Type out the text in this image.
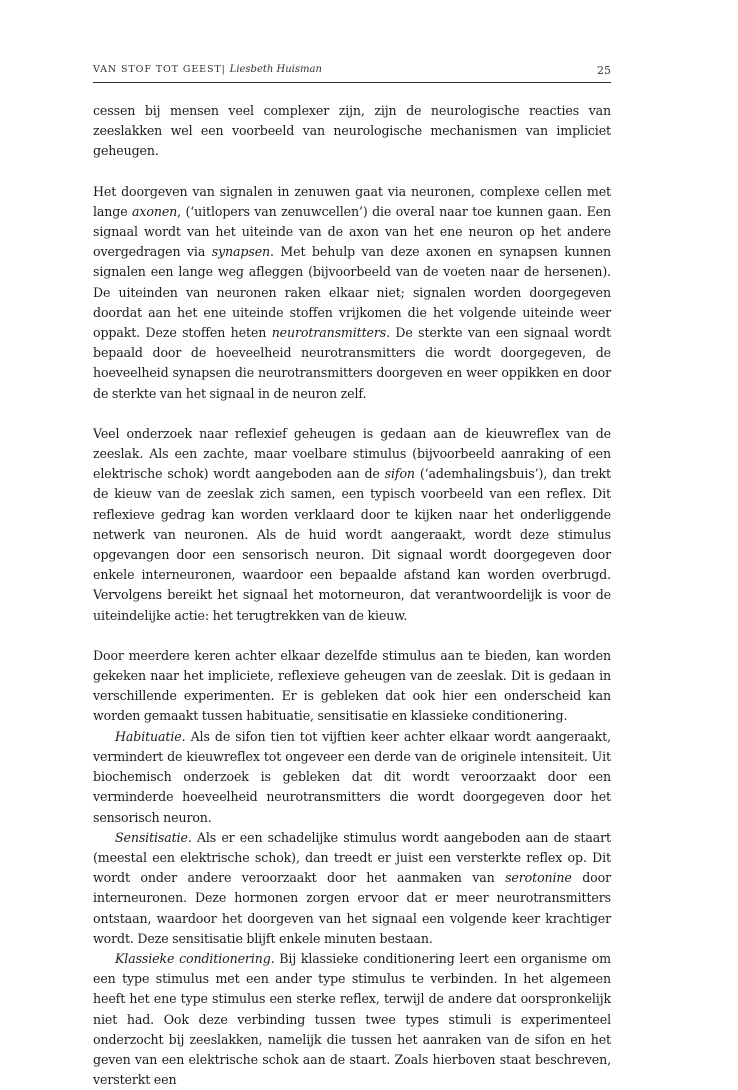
VAN STOF TOT GEEST| Liesbeth Huisman	25

cessen bij mensen veel complexer zijn, zijn de neurologische reacties van zeeslakken wel een voorbeeld van neurologische mechanismen van impliciet geheugen.

Het doorgeven van signalen in zenuwen gaat via neuronen, complexe cellen met lange axonen, (‘uitlopers van zenuwcellen’) die overal naar toe kunnen gaan. Een signaal wordt van het uiteinde van de axon van het ene neuron op het andere overgedragen via synapsen. Met behulp van deze axonen en synapsen kunnen signalen een lange weg afleggen (bijvoorbeeld van de voeten naar de hersenen). De uiteinden van neuronen raken elkaar niet; signalen worden doorgegeven doordat aan het ene uiteinde stoffen vrijkomen die het volgende uiteinde weer oppakt. Deze stoffen heten neurotransmitters. De sterkte van een signaal wordt bepaald door de hoeveelheid neurotransmitters die wordt doorgegeven, de hoeveelheid synapsen die neurotransmitters doorgeven en weer oppikken en door de sterkte van het signaal in de neuron zelf.

Veel onderzoek naar reflexief geheugen is gedaan aan de kieuwreflex van de zeeslak. Als een zachte, maar voelbare stimulus (bijvoorbeeld aanraking of een elektrische schok) wordt aangeboden aan de sifon (‘ademhalingsbuis’), dan trekt de kieuw van de zeeslak zich samen, een typisch voorbeeld van een reflex. Dit reflexieve gedrag kan worden verklaard door te kijken naar het onderliggende netwerk van neuronen. Als de huid wordt aangeraakt, wordt deze stimulus opgevangen door een sensorisch neuron. Dit signaal wordt doorgegeven door enkele interneuronen, waardoor een bepaalde afstand kan worden overbrugd. Vervolgens bereikt het signaal het motorneuron, dat verantwoordelijk is voor de uiteindelijke actie: het terugtrekken van de kieuw.

Door meerdere keren achter elkaar dezelfde stimulus aan te bieden, kan worden gekeken naar het impliciete, reflexieve geheugen van de zeeslak. Dit is gedaan in verschillende experimenten. Er is gebleken dat ook hier een onderscheid kan worden gemaakt tussen habituatie, sensitisatie en klassieke conditionering.

Habituatie. Als de sifon tien tot vijftien keer achter elkaar wordt aangeraakt, vermindert de kieuwreflex tot ongeveer een derde van de originele intensiteit. Uit biochemisch onderzoek is gebleken dat dit wordt veroorzaakt door een verminderde hoeveelheid neurotransmitters die wordt doorgegeven door het sensorisch neuron.

Sensitisatie. Als er een schadelijke stimulus wordt aangeboden aan de staart (meestal een elektrische schok), dan treedt er juist een versterkte reflex op. Dit wordt onder andere veroorzaakt door het aanmaken van serotonine door interneuronen. Deze hormonen zorgen ervoor dat er meer neurotransmitters ontstaan, waardoor het doorgeven van het signaal een volgende keer krachtiger wordt. Deze sensitisatie blijft enkele minuten bestaan.

Klassieke conditionering. Bij klassieke conditionering leert een organisme om een type stimulus met een ander type stimulus te verbinden. In het algemeen heeft het ene type stimulus een sterke reflex, terwijl de andere dat oorspronkelijk niet had. Ook deze verbinding tussen twee types stimuli is experimenteel onderzocht bij zeeslakken, namelijk die tussen het aanraken van de sifon en het geven van een elektrische schok aan de staart. Zoals hierboven staat beschreven, versterkt een
